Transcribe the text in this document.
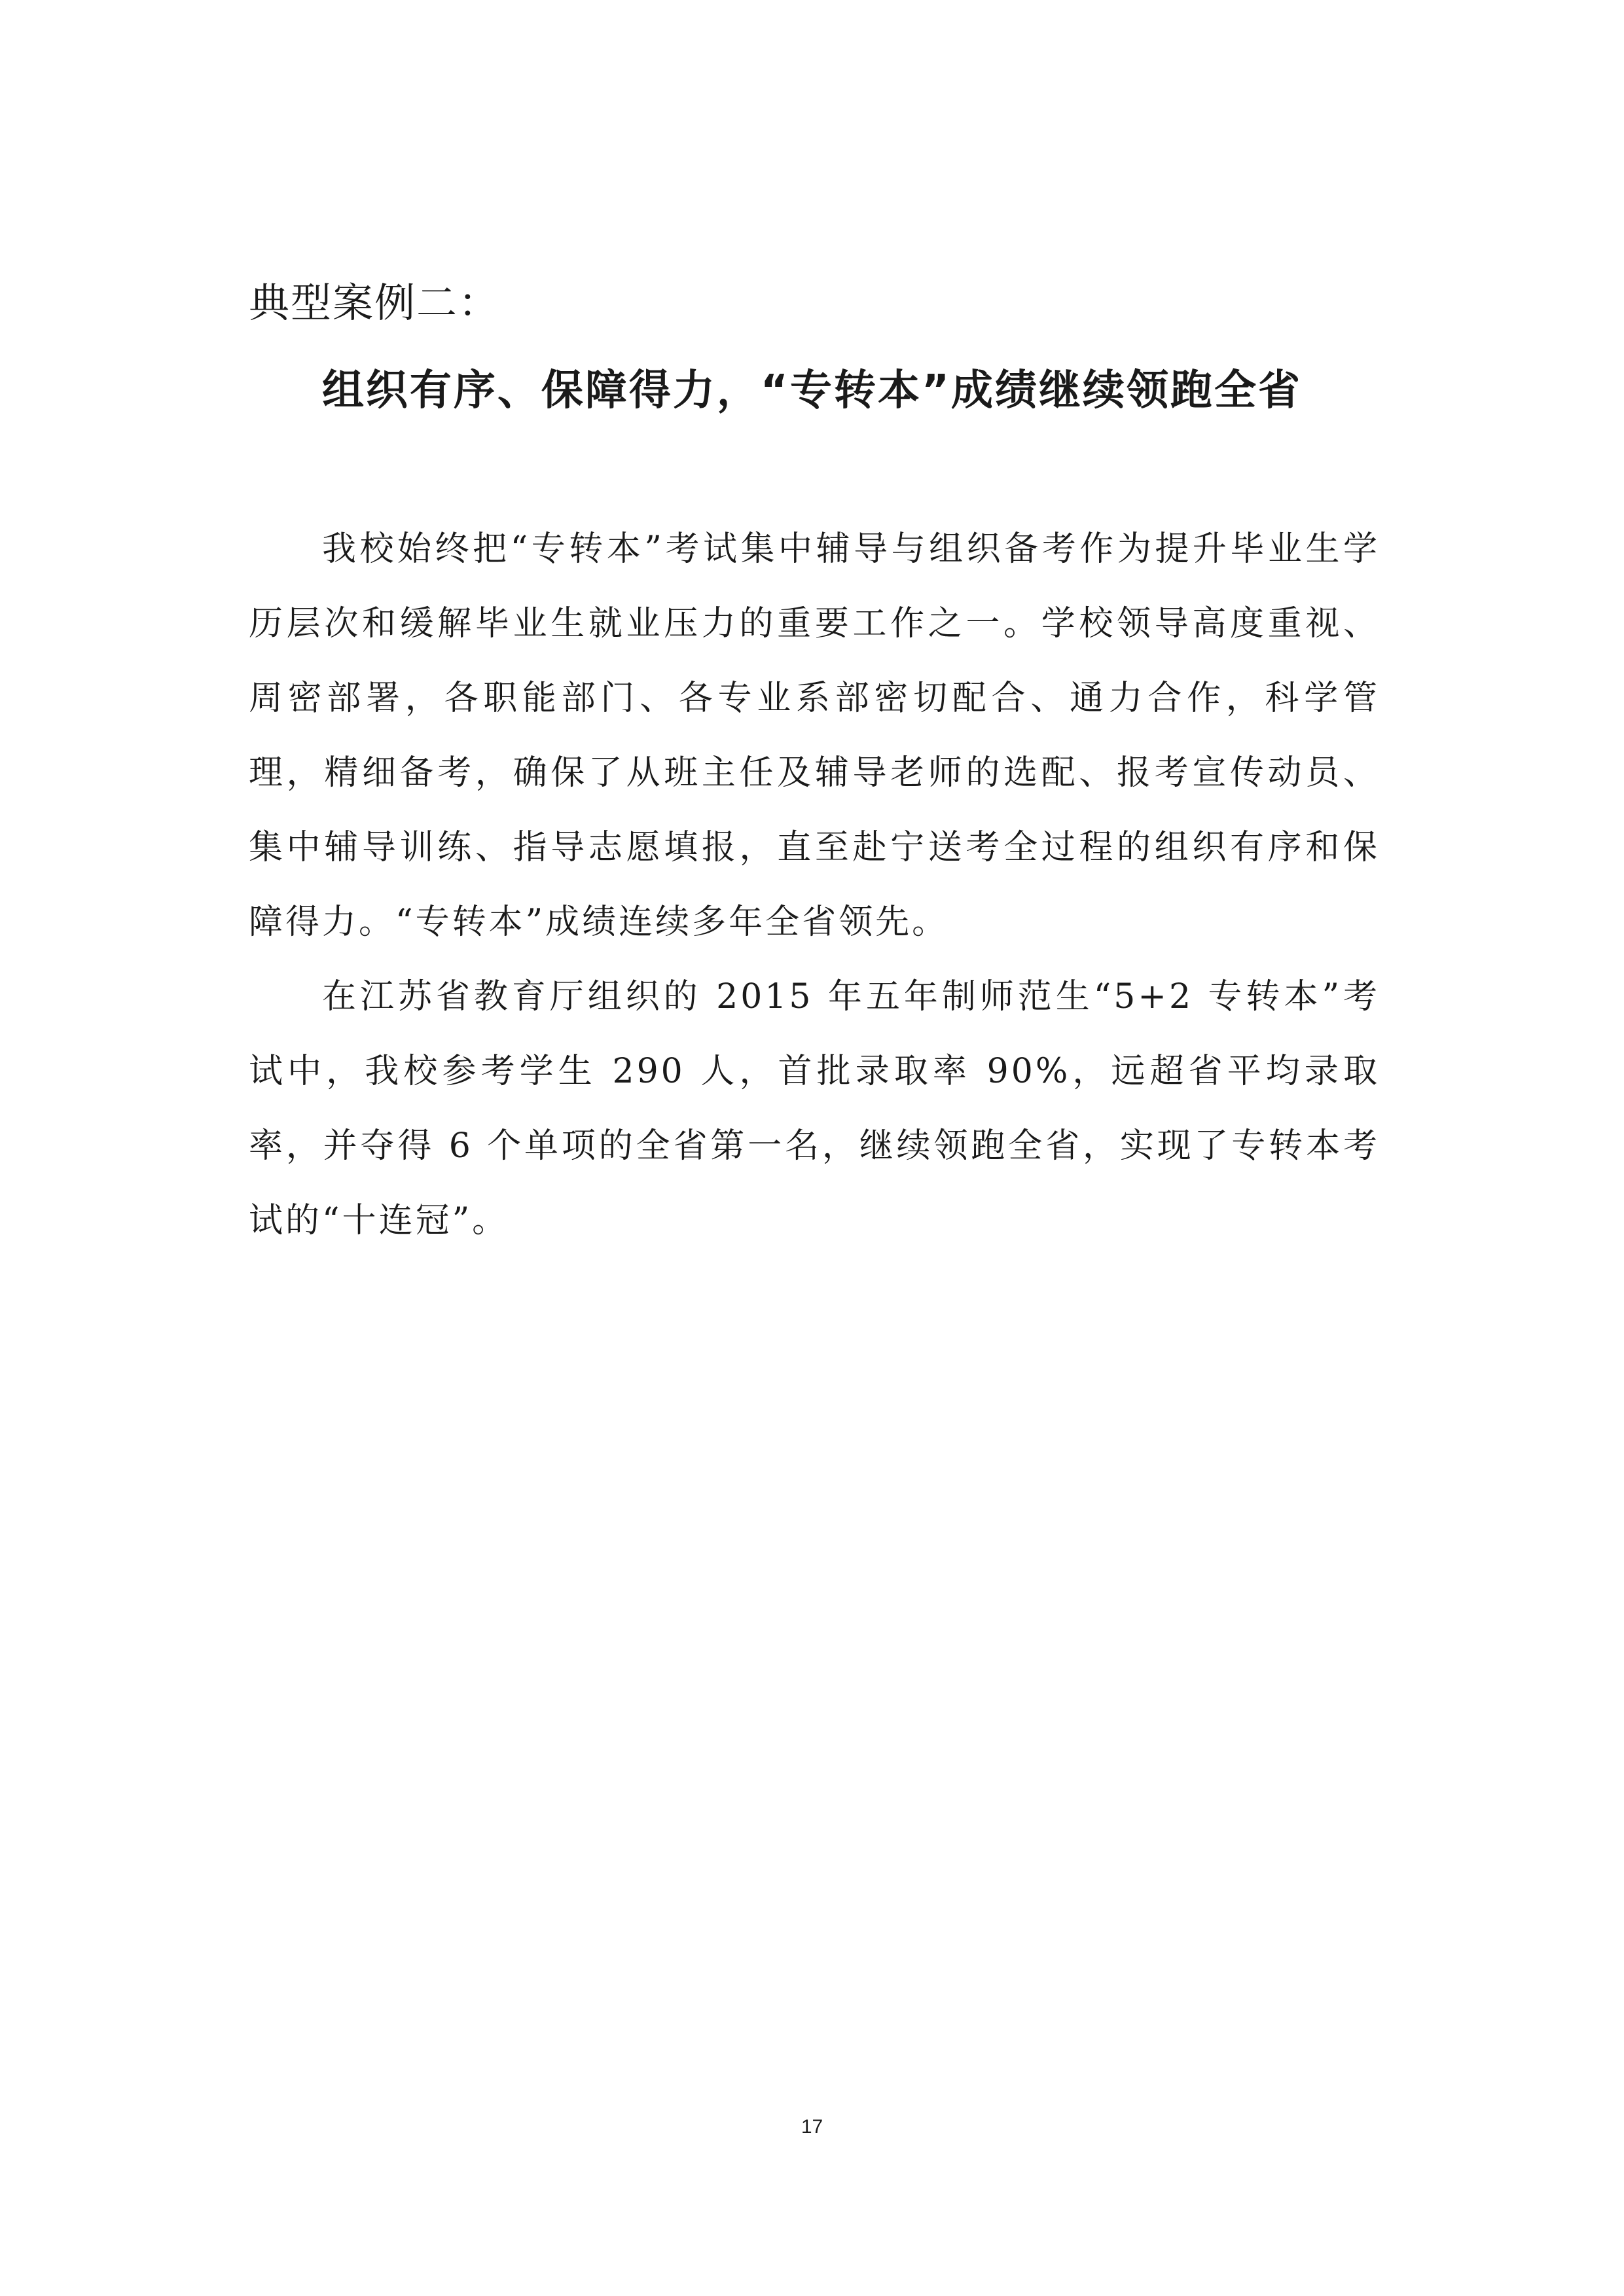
典型案例二：
组织有序、保障得力，“专转本”成绩继续领跑全省

我校始终把“专转本”考试集中辅导与组织备考作为提升毕业生学历层次和缓解毕业生就业压力的重要工作之一。学校领导高度重视、周密部署，各职能部门、各专业系部密切配合、通力合作，科学管理，精细备考，确保了从班主任及辅导老师的选配、报考宣传动员、集中辅导训练、指导志愿填报，直至赴宁送考全过程的组织有序和保障得力。“专转本”成绩连续多年全省领先。

在江苏省教育厅组织的 2015 年五年制师范生“5+2 专转本”考试中，我校参考学生 290 人，首批录取率 90%，远超省平均录取率，并夺得 6 个单项的全省第一名，继续领跑全省，实现了专转本考试的“十连冠”。

17
